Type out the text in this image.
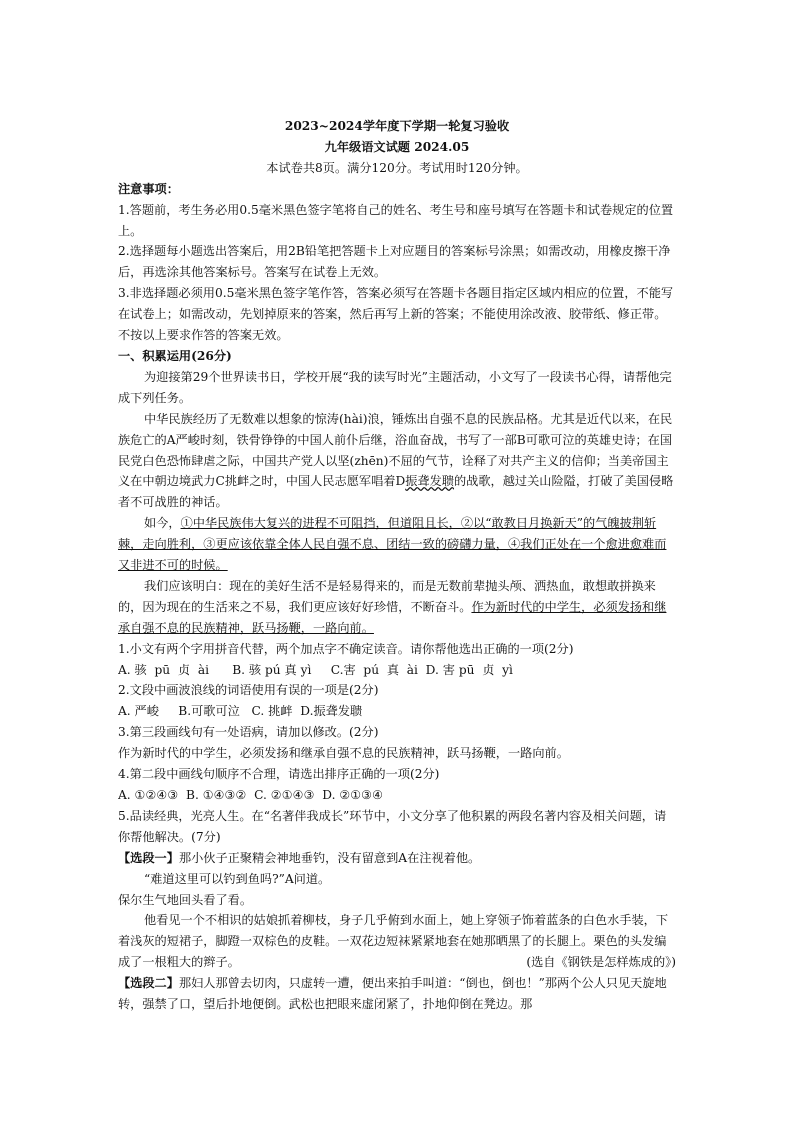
2023~2024学年度下学期一轮复习验收
九年级语文试题 2024.05
本试卷共8页。满分120分。考试用时120分钟。
注意事项：
1.答题前，考生务必用0.5毫米黑色签字笔将自己的姓名、考生号和座号填写在答题卡和试卷规定的位置上。
2.选择题每小题选出答案后，用2B铅笔把答题卡上对应题目的答案标号涂黑；如需改动，用橡皮擦干净后，再选涂其他答案标号。答案写在试卷上无效。
3.非选择题必须用0.5毫米黑色签字笔作答，答案必须写在答题卡各题目指定区域内相应的位置，不能写在试卷上；如需改动，先划掉原来的答案，然后再写上新的答案；不能使用涂改液、胶带纸、修正带。不按以上要求作答的答案无效。
一、积累运用(26分)
为迎接第29个世界读书日，学校开展“我的读写时光”主题活动，小文写了一段读书心得，请帮他完成下列任务。
中华民族经历了无数难以想象的惊涛(hài)浪，锤炼出自强不息的民族品格。尤其是近代以来，在民族危亡的A严峻时刻，铁骨铮铮的中国人前仆后继，浴血奋战，书写了一部B可歌可泣的英雄史诗；在国民党白色恐怖肆虐之际，中国共产党人以坚(zhēn)不屈的气节，诠释了对共产主义的信仰；当美帝国主义在中朝边境武力C挑衅之时，中国人民志愿军唱着D振聋发聩的战歌，越过关山险隘，打破了美国侵略者不可战胜的神话。
如今，①中华民族伟大复兴的进程不可阻挡，但道阻且长，②以“敢教日月换新天”的气魄披荆斩棘，走向胜利，③更应该依靠全体人民自强不息、团结一致的磅礴力量，④我们正处在一个愈进愈难而又非进不可的时候。
我们应该明白：现在的美好生活不是轻易得来的，而是无数前辈抛头颅、洒热血，敢想敢拼换来的，因为现在的生活来之不易，我们更应该好好珍惜，不断奋斗。作为新时代的中学生，必须发扬和继承自强不息的民族精神，跃马扬鞭，一路向前。
1.小文有两个字用拼音代替，两个加点字不确定读音。请你帮他选出正确的一项(2分)
A. 骇  pū  贞  ài      B. 骇 pú 真 yì     C.害  pú  真  ài  D. 害 pū  贞  yì
2.文段中画波浪线的词语使用有误的一项是(2分)
A. 严峻     B.可歌可泣   C. 挑衅  D.振聋发聩
3.第三段画线句有一处语病，请加以修改。(2分)
作为新时代的中学生，必须发扬和继承自强不息的民族精神，跃马扬鞭，一路向前。
4.第二段中画线句顺序不合理，请选出排序正确的一项(2分)
A. ①②④③  B. ①④③②  C. ②①④③  D. ②①③④
5.品读经典，光亮人生。在“名著伴我成长”环节中，小文分享了他积累的两段名著内容及相关问题，请你帮他解决。(7分)
【选段一】那小伙子正聚精会神地垂钓，没有留意到A在注视着他。
“难道这里可以钓到鱼吗?”A问道。
保尔生气地回头看了看。
他看见一个不相识的姑娘抓着柳枝，身子几乎俯到水面上，她上穿领子饰着蓝条的白色水手装，下着浅灰的短裙子，脚蹬一双棕色的皮鞋。一双花边短袜紧紧地套在她那晒黑了的长腿上。栗色的头发编成了一根粗大的辫子。	(选自《钢铁是怎样炼成的》)
【选段二】那妇人那曾去切肉，只虚转一遭，便出来拍手叫道：“倒也，倒也！”那两个公人只见天旋地转，强禁了口，望后扑地便倒。武松也把眼来虚闭紧了，扑地仰倒在凳边。那
